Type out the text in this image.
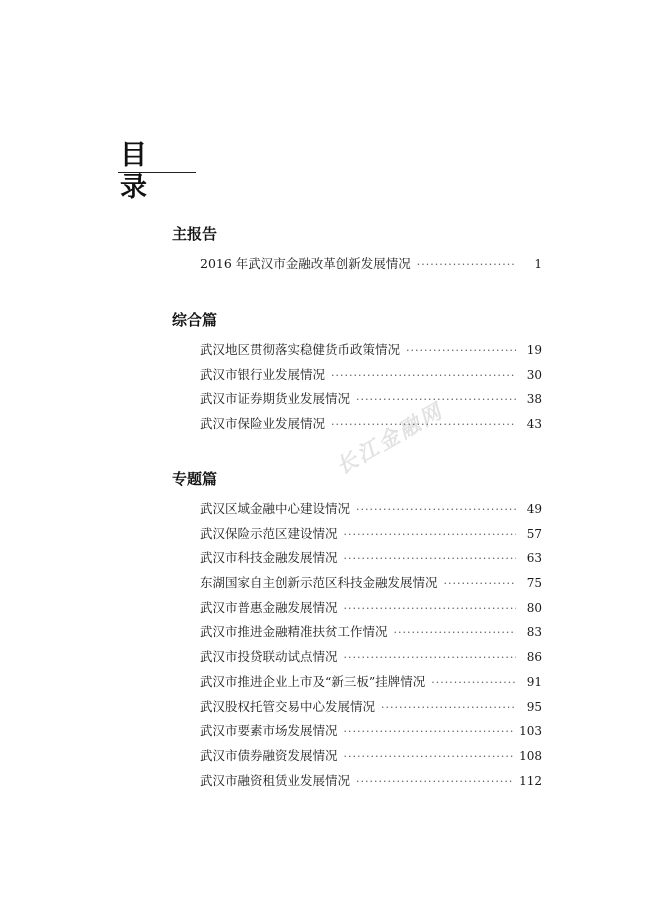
目　录
主报告
2016 年武汉市金融改革创新发展情况 ·····	1
综合篇
武汉地区贯彻落实稳健货币政策情况 ·····	19
武汉市银行业发展情况 ·····	30
武汉市证券期货业发展情况 ·····	38
武汉市保险业发展情况 ·····	43
专题篇
武汉区域金融中心建设情况 ·····	49
武汉保险示范区建设情况 ·····	57
武汉市科技金融发展情况 ·····	63
东湖国家自主创新示范区科技金融发展情况 ·····	75
武汉市普惠金融发展情况 ·····	80
武汉市推进金融精准扶贫工作情况 ·····	83
武汉市投贷联动试点情况 ·····	86
武汉市推进企业上市及“新三板”挂牌情况 ·····	91
武汉股权托管交易中心发展情况 ·····	95
武汉市要素市场发展情况 ·····	103
武汉市债券融资发展情况 ·····	108
武汉市融资租赁业发展情况 ·····	112
长江金融网
